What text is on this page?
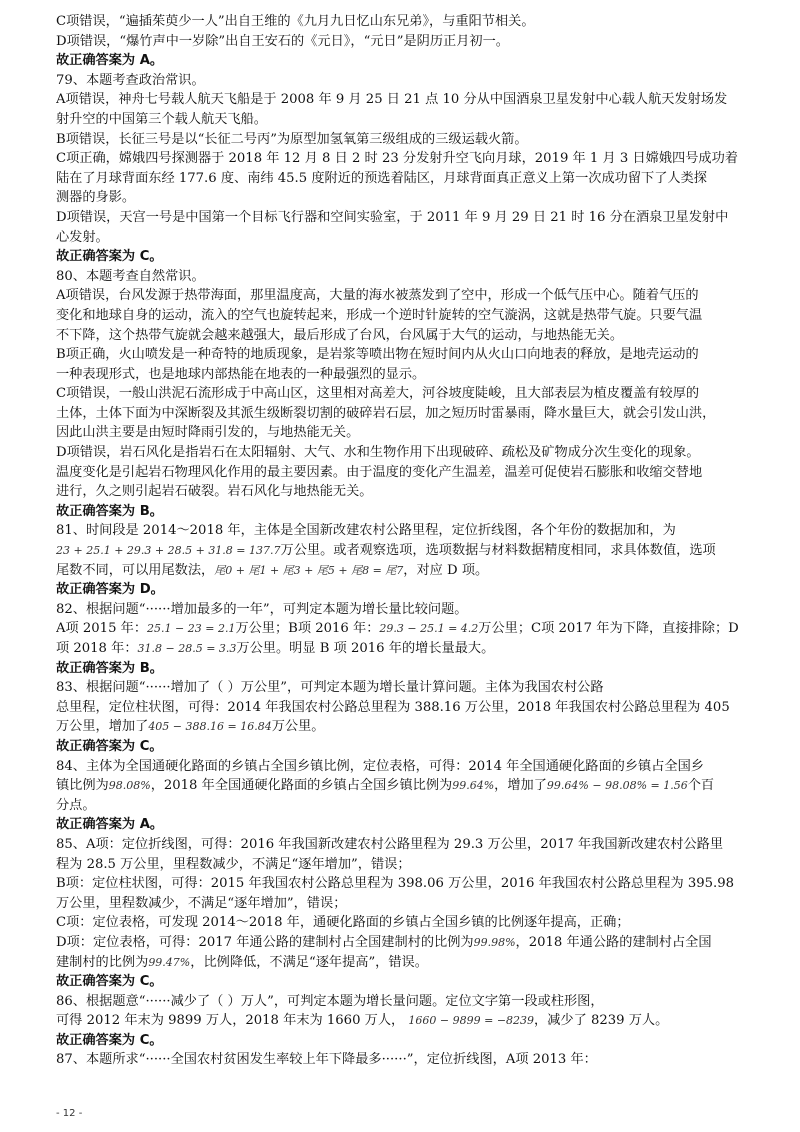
C项错误，“遍插茱萸少一人”出自王维的《九月九日忆山东兄弟》，与重阳节相关。
D项错误，“爆竹声中一岁除”出自王安石的《元日》，“元日”是阴历正月初一。
故正确答案为 A。
79、本题考查政治常识。
A项错误，神舟七号载人航天飞船是于 2008 年 9 月 25 日 21 点 10 分从中国酒泉卫星发射中心载人航天发射场发
射升空的中国第三个载人航天飞船。
B项错误，长征三号是以“长征二号丙”为原型加氢氧第三级组成的三级运载火箭。
C项正确，嫦娥四号探测器于 2018 年 12 月 8 日 2 时 23 分发射升空飞向月球，2019 年 1 月 3 日嫦娥四号成功着
陆在了月球背面东经 177.6 度、南纬 45.5 度附近的预选着陆区，月球背面真正意义上第一次成功留下了人类探
测器的身影。
D项错误，天宫一号是中国第一个目标飞行器和空间实验室，于 2011 年 9 月 29 日 21 时 16 分在酒泉卫星发射中
心发射。
故正确答案为 C。
80、本题考查自然常识。
A项错误，台风发源于热带海面，那里温度高，大量的海水被蒸发到了空中，形成一个低气压中心。随着气压的
变化和地球自身的运动，流入的空气也旋转起来，形成一个逆时针旋转的空气漩涡，这就是热带气旋。只要气温
不下降，这个热带气旋就会越来越强大，最后形成了台风，台风属于大气的运动，与地热能无关。
B项正确，火山喷发是一种奇特的地质现象，是岩浆等喷出物在短时间内从火山口向地表的释放，是地壳运动的
一种表现形式，也是地球内部热能在地表的一种最强烈的显示。
C项错误，一般山洪泥石流形成于中高山区，这里相对高差大，河谷坡度陡峻，且大部表层为植皮覆盖有较厚的
土体，土体下面为中深断裂及其派生级断裂切割的破碎岩石层，加之短历时雷暴雨，降水量巨大，就会引发山洪，
因此山洪主要是由短时降雨引发的，与地热能无关。
D项错误，岩石风化是指岩石在太阳辐射、大气、水和生物作用下出现破碎、疏松及矿物成分次生变化的现象。
温度变化是引起岩石物理风化作用的最主要因素。由于温度的变化产生温差，温差可促使岩石膨胀和收缩交替地
进行，久之则引起岩石破裂。岩石风化与地热能无关。
故正确答案为 B。
81、时间段是 2014～2018 年，主体是全国新改建农村公路里程，定位折线图，各个年份的数据加和，为
23 + 25.1 + 29.3 + 28.5 + 31.8 = 137.7万公里。或者观察选项，选项数据与材料数据精度相同，求具体数值，选项
尾数不同，可以用尾数法，尾0 + 尾1 + 尾3 + 尾5 + 尾8 = 尾7，对应 D 项。
故正确答案为 D。
82、根据问题“······增加最多的一年”，可判定本题为增长量比较问题。
A项 2015 年：25.1 − 23 = 2.1万公里；B项 2016 年：29.3 − 25.1 = 4.2万公里；C项 2017 年为下降，直接排除；D
项 2018 年：31.8 − 28.5 = 3.3万公里。明显 B 项 2016 年的增长量最大。
故正确答案为 B。
83、根据问题“······增加了（ ）万公里”，可判定本题为增长量计算问题。主体为我国农村公路
总里程，定位柱状图，可得：2014 年我国农村公路总里程为 388.16 万公里，2018 年我国农村公路总里程为 405
万公里，增加了405 − 388.16 = 16.84万公里。
故正确答案为 C。
84、主体为全国通硬化路面的乡镇占全国乡镇比例，定位表格，可得：2014 年全国通硬化路面的乡镇占全国乡
镇比例为98.08%，2018 年全国通硬化路面的乡镇占全国乡镇比例为99.64%，增加了99.64% − 98.08% = 1.56个百
分点。
故正确答案为 A。
85、A项：定位折线图，可得：2016 年我国新改建农村公路里程为 29.3 万公里，2017 年我国新改建农村公路里
程为 28.5 万公里，里程数减少，不满足“逐年增加”，错误；
B项：定位柱状图，可得：2015 年我国农村公路总里程为 398.06 万公里，2016 年我国农村公路总里程为 395.98
万公里，里程数减少，不满足“逐年增加”，错误；
C项：定位表格，可发现 2014～2018 年，通硬化路面的乡镇占全国乡镇的比例逐年提高，正确；
D项：定位表格，可得：2017 年通公路的建制村占全国建制村的比例为99.98%，2018 年通公路的建制村占全国
建制村的比例为99.47%，比例降低，不满足“逐年提高”，错误。
故正确答案为 C。
86、根据题意“······减少了（ ）万人”，可判定本题为增长量问题。定位文字第一段或柱形图，
可得 2012 年末为 9899 万人，2018 年末为 1660 万人， 1660 − 9899 = −8239，减少了 8239 万人。
故正确答案为 C。
87、本题所求“······全国农村贫困发生率较上年下降最多······”，定位折线图，A项 2013 年：
- 12 -
